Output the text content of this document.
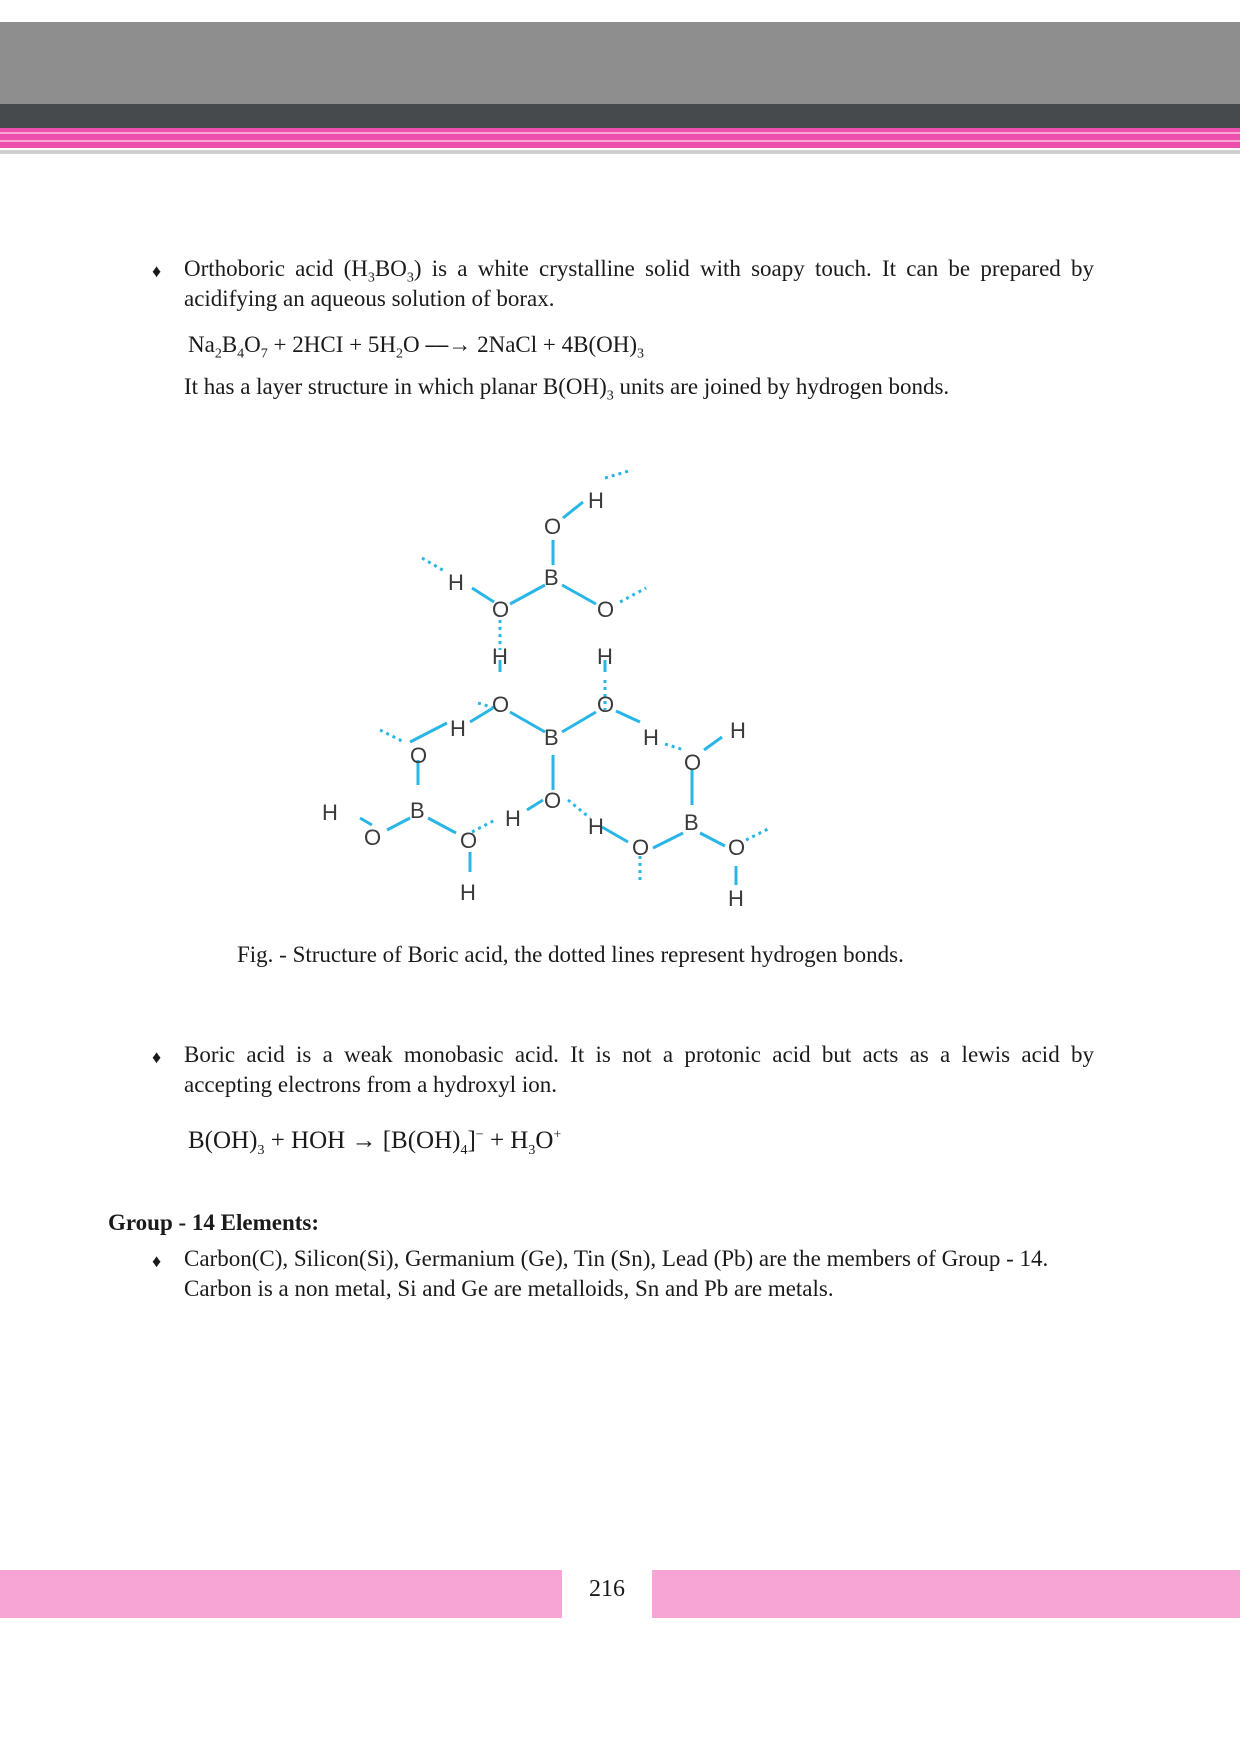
♦ Orthoboric acid $(H_3BO_3)$ is a white crystalline solid with soapy touch. It can be prepared by
acidifying an aqueous solution of borax.
$Na_2B_4O_7 + 2HCI + 5H_2O$ ⎯⎯→ 2NaCl + $4B(OH)_3$
It has a layer structure in which planar $B(OH)_3$ units are joined by hydrogen bonds.
H
O
B
H
O	O
H	H
O	O
H	B	H	H
O	O
O
H	B	H	H	B
O	O	O	O
H	H
Fig. - Structure of Boric acid, the dotted lines represent hydrogen bonds.
♦ Boric acid is a weak monobasic acid. It is not a protonic acid but acts as a lewis acid by
accepting electrons from a hydroxyl ion.
$B(OH)_3$ + HOH → $[B(OH)_4]^- + H_3O^+$
Group - 14 Elements:
♦ Carbon(C), Silicon(Si), Germanium (Ge), Tin (Sn), Lead (Pb) are the members of Group - 14.
Carbon is a non metal, Si and Ge are metalloids, Sn and Pb are metals.
216
